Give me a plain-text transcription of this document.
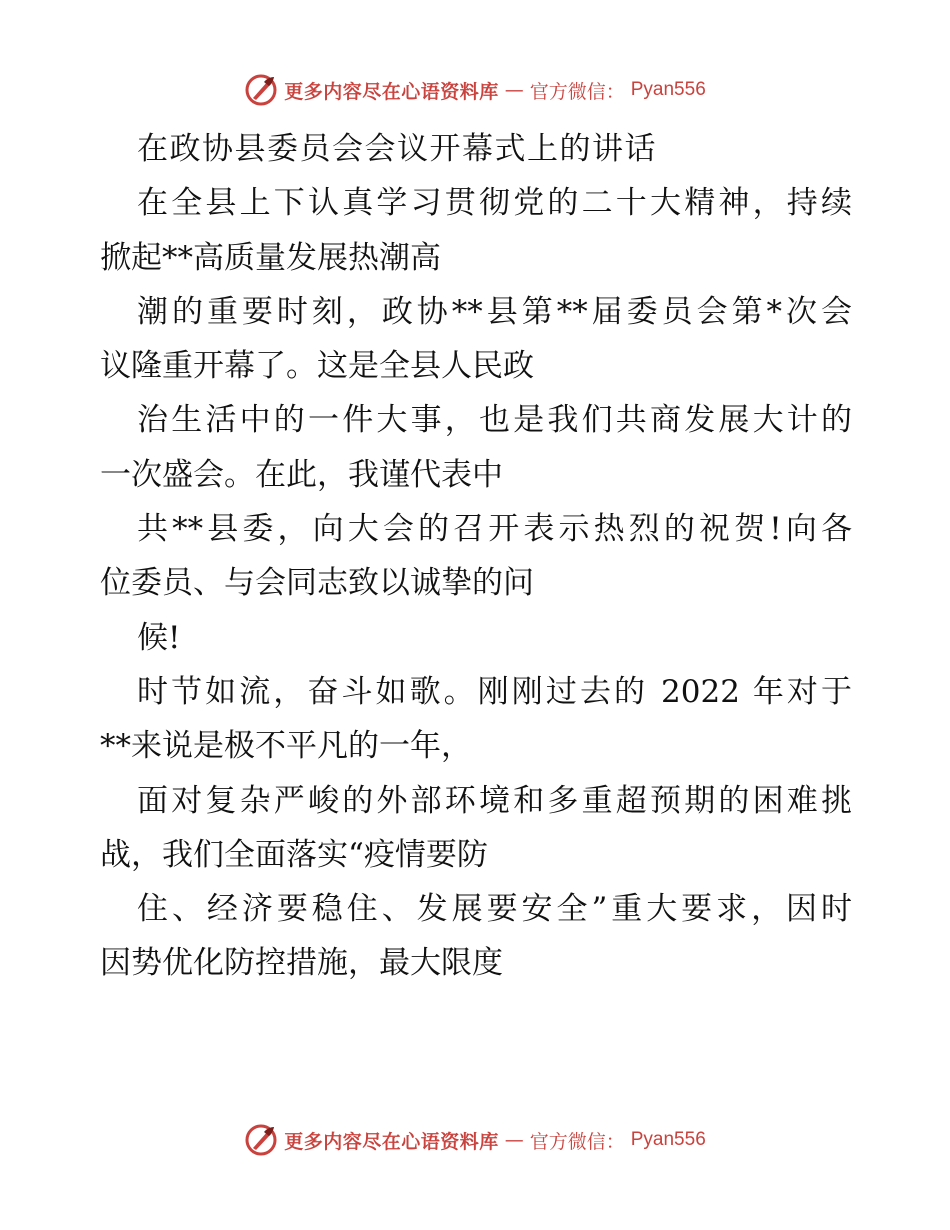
更多内容尽在心语资料库 — 官方微信： Pyan556
在政协县委员会会议开幕式上的讲话
在全县上下认真学习贯彻党的二十大精神，持续
掀起**高质量发展热潮高
潮的重要时刻，政协**县第**届委员会第*次会
议隆重开幕了。这是全县人民政
治生活中的一件大事，也是我们共商发展大计的
一次盛会。在此，我谨代表中
共**县委，向大会的召开表示热烈的祝贺!向各
位委员、与会同志致以诚挚的问
候!
时节如流，奋斗如歌。刚刚过去的 2022 年对于
**来说是极不平凡的一年，
面对复杂严峻的外部环境和多重超预期的困难挑
战，我们全面落实“疫情要防
住、经济要稳住、发展要安全”重大要求，因时
因势优化防控措施，最大限度
更多内容尽在心语资料库 — 官方微信： Pyan556
